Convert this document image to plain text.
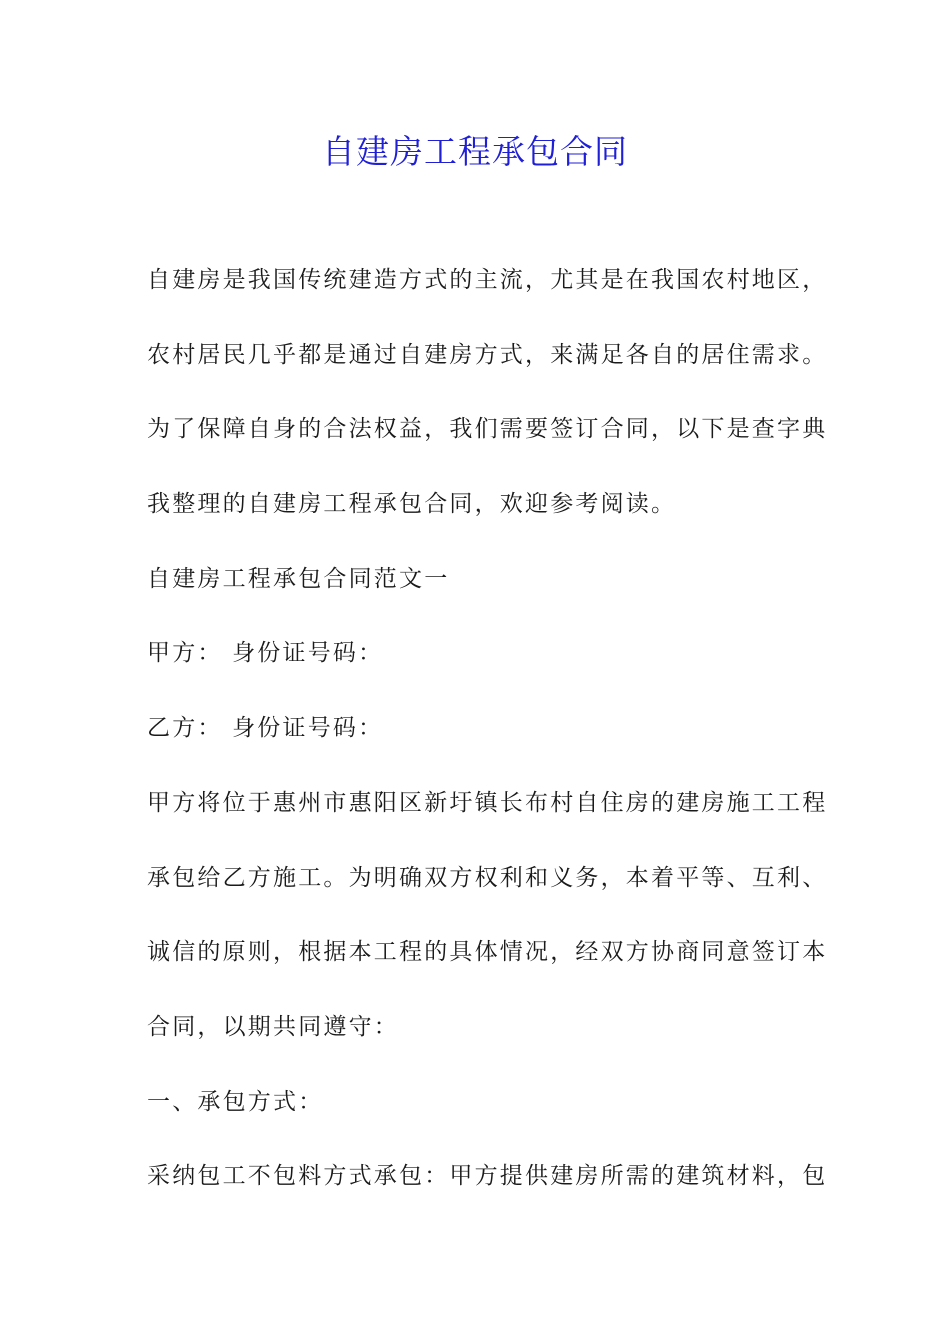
自建房工程承包合同

自建房是我国传统建造方式的主流，尤其是在我国农村地区，

农村居民几乎都是通过自建房方式，来满足各自的居住需求。

为了保障自身的合法权益，我们需要签订合同，以下是查字典

我整理的自建房工程承包合同，欢迎参考阅读。

自建房工程承包合同范文一

甲方： 身份证号码：

乙方： 身份证号码：

甲方将位于惠州市惠阳区新圩镇长布村自住房的建房施工工程

承包给乙方施工。为明确双方权利和义务，本着平等、互利、

诚信的原则，根据本工程的具体情况，经双方协商同意签订本

合同，以期共同遵守：

一、承包方式：

采纳包工不包料方式承包：甲方提供建房所需的建筑材料，包
